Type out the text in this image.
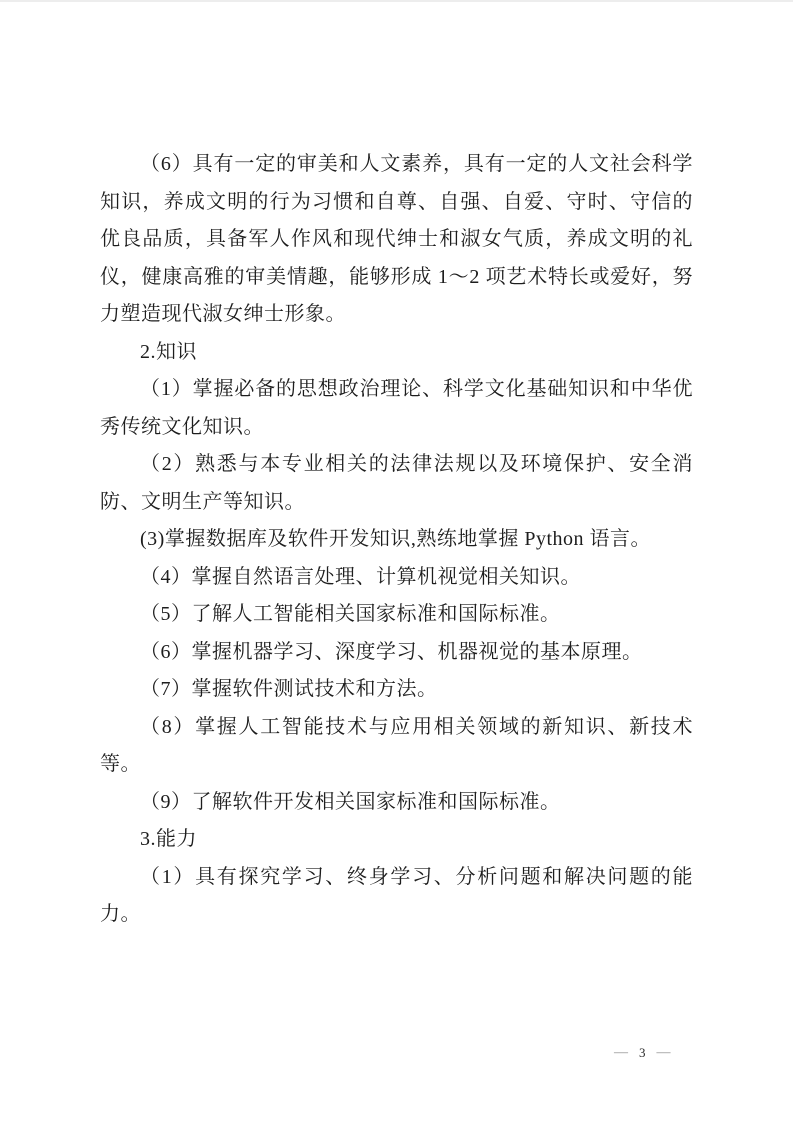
（6）具有一定的审美和人文素养，具有一定的人文社会科学知识，养成文明的行为习惯和自尊、自强、自爱、守时、守信的优良品质，具备军人作风和现代绅士和淑女气质，养成文明的礼仪，健康高雅的审美情趣，能够形成 1～2 项艺术特长或爱好，努力塑造现代淑女绅士形象。

2.知识

（1）掌握必备的思想政治理论、科学文化基础知识和中华优秀传统文化知识。

（2）熟悉与本专业相关的法律法规以及环境保护、安全消防、文明生产等知识。

(3)掌握数据库及软件开发知识,熟练地掌握 Python 语言。

（4）掌握自然语言处理、计算机视觉相关知识。

（5）了解人工智能相关国家标准和国际标准。

（6）掌握机器学习、深度学习、机器视觉的基本原理。

（7）掌握软件测试技术和方法。

（8）掌握人工智能技术与应用相关领域的新知识、新技术等。

（9）了解软件开发相关国家标准和国际标准。

3.能力

（1）具有探究学习、终身学习、分析问题和解决问题的能力。

— 3 —
